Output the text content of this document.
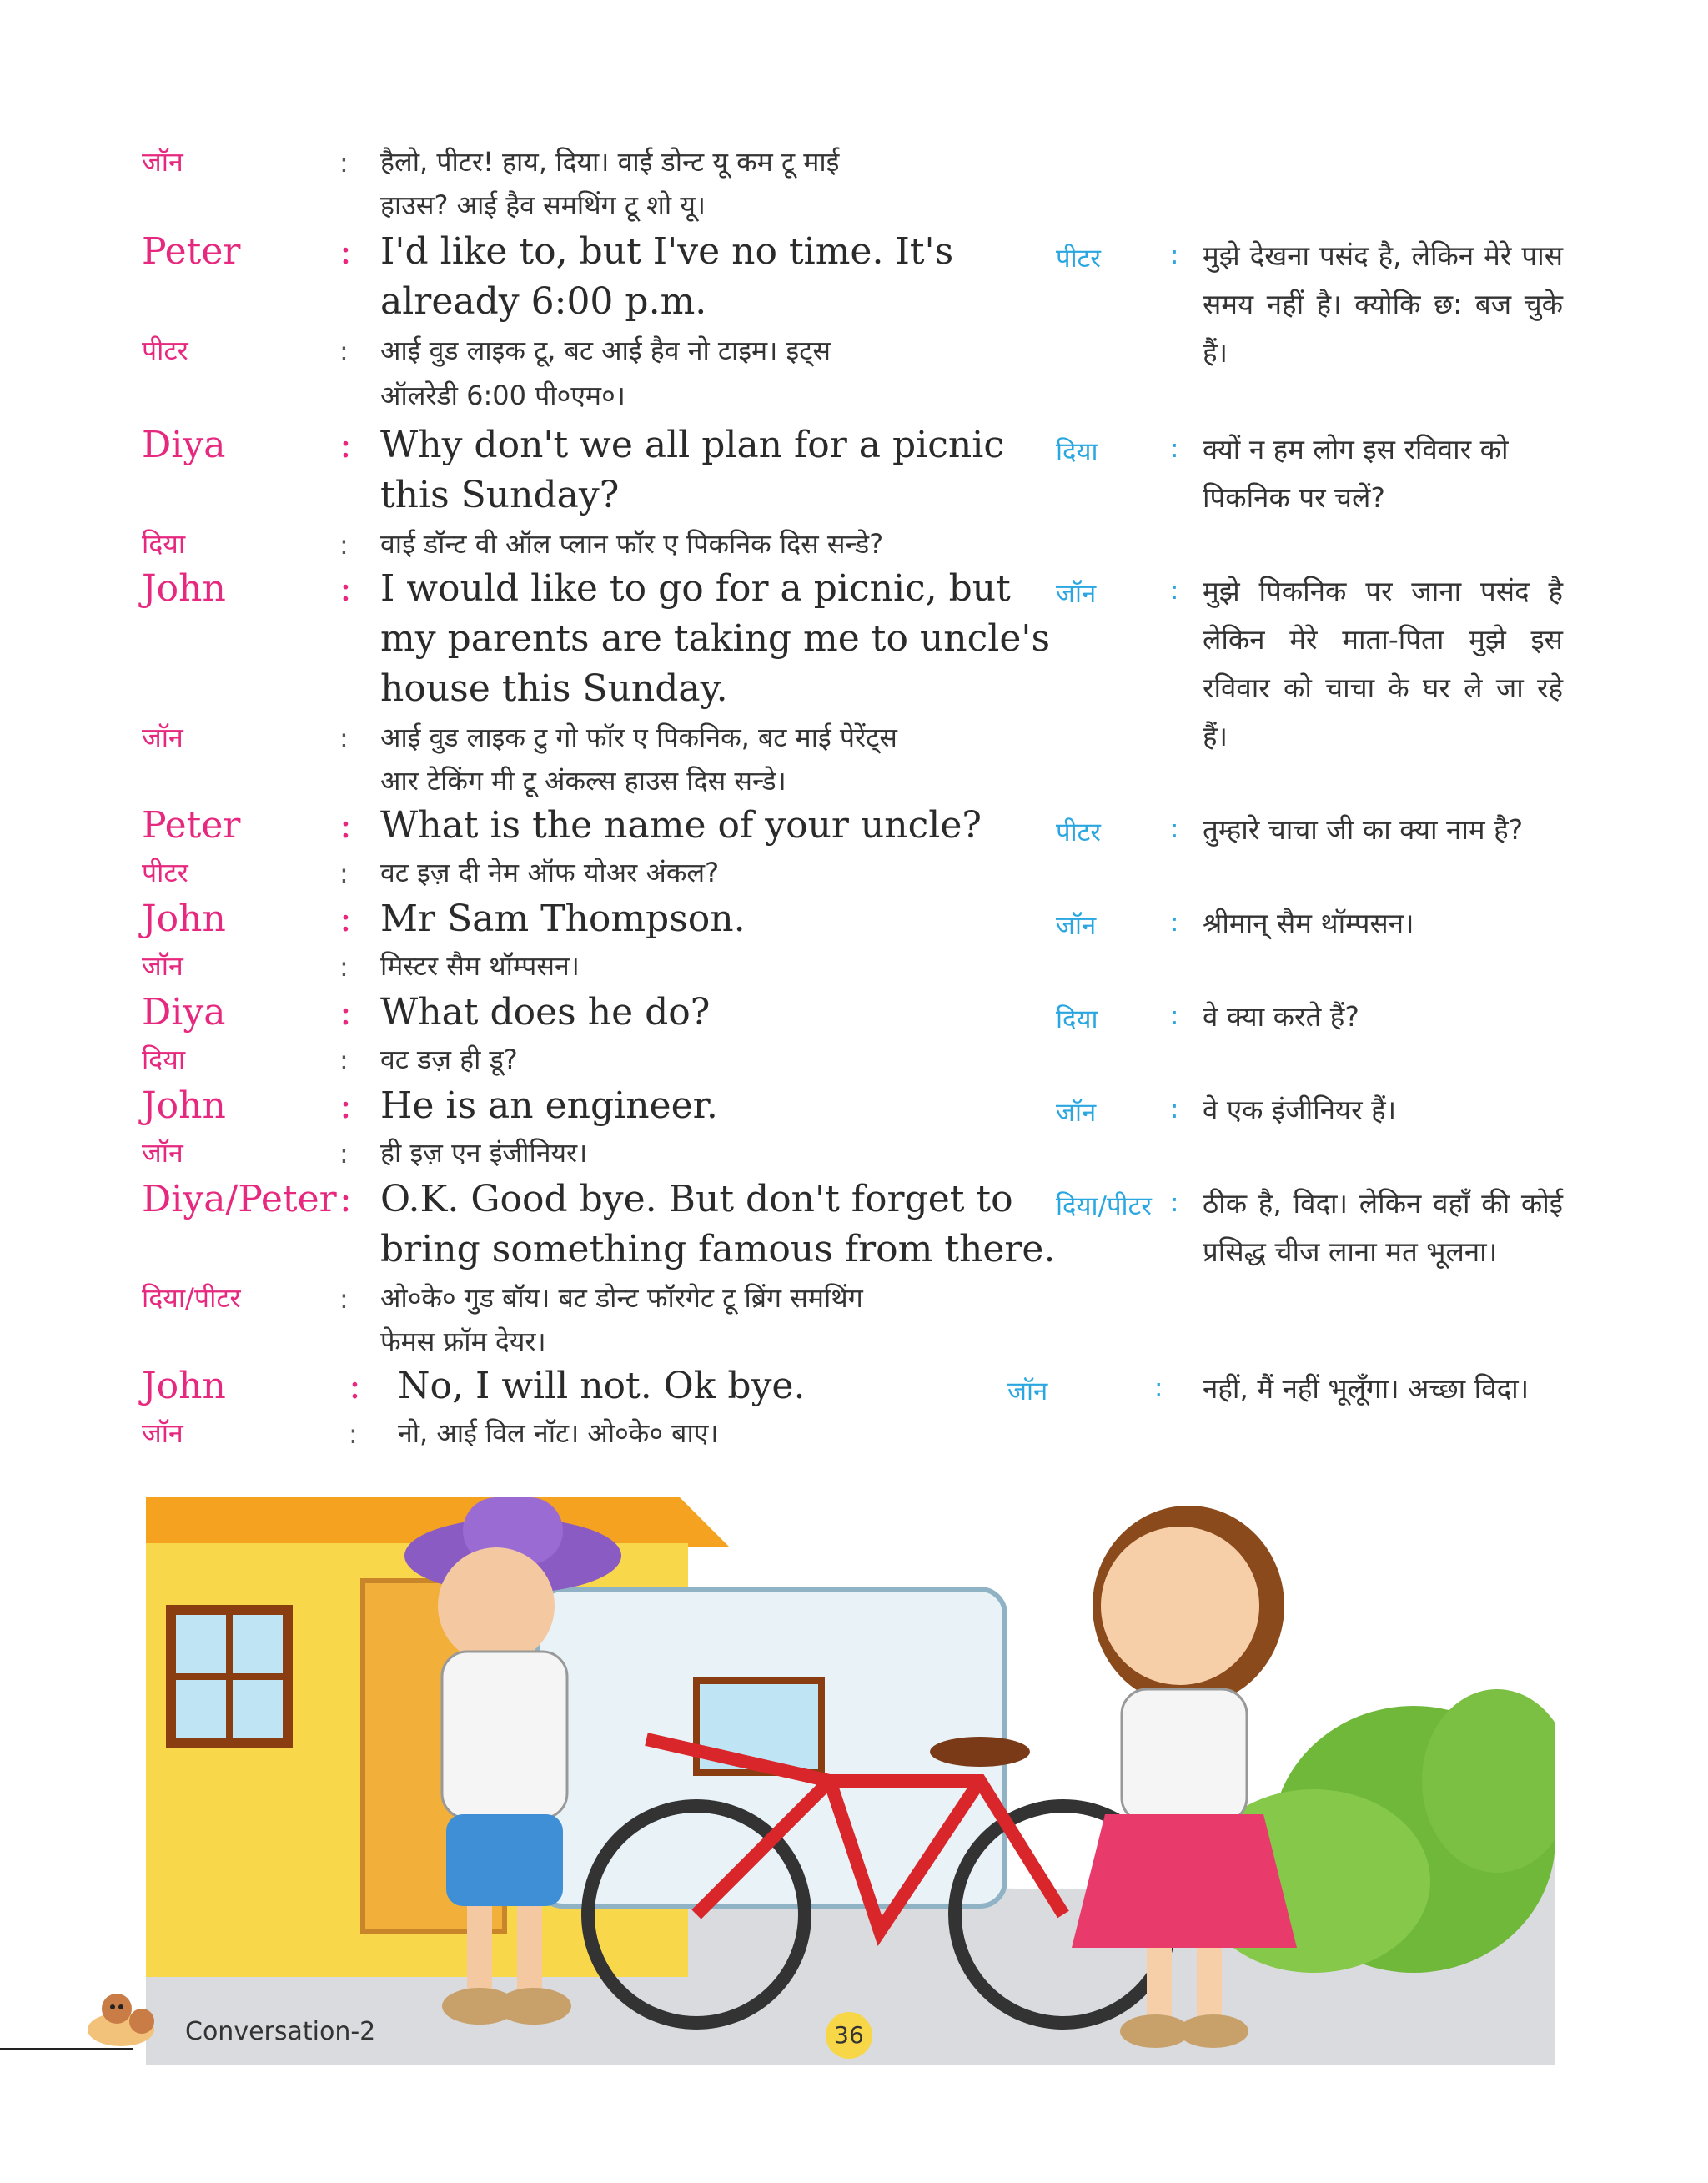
जॉन	: हैलो, पीटर! हाय, दिया। वाई डोन्ट यू कम टू माई
हाउस? आई हैव समथिंग टू शो यू।
Peter	: I'd like to, but I've no time. It's
already 6:00 p.m.
पीटर	: आई वुड लाइक टू, बट आई हैव नो टाइम। इट्स
ऑलरेडी 6:00 पी०एम०।
Diya	: Why don't we all plan for a picnic
this Sunday?
दिया	: वाई डॉन्ट वी ऑल प्लान फॉर ए पिकनिक दिस सन्डे?
John	: I would like to go for a picnic, but
my parents are taking me to uncle's
house this Sunday.
जॉन	: आई वुड लाइक टु गो फॉर ए पिकनिक, बट माई पेरेंट्स
आर टेकिंग मी टू अंकल्स हाउस दिस सन्डे।
Peter	: What is the name of your uncle?
पीटर	: वट इज़ दी नेम ऑफ योअर अंकल?
John	: Mr Sam Thompson.
जॉन	: मिस्टर सैम थॉम्पसन।
Diya	: What does he do?
दिया	: वट डज़ ही डू?
John	: He is an engineer.
जॉन	: ही इज़ एन इंजीनियर।
Diya/Peter : O.K. Good bye. But don't forget to
bring something famous from there.
दिया/पीटर	: ओ०के० गुड बॉय। बट डोन्ट फॉरगेट टू ब्रिंग समथिंग
फेमस फ्रॉम देयर।
John	: No, I will not. Ok bye.
जॉन	: नो, आई विल नॉट। ओ०के० बाए।
पीटर	: मुझे देखना पसंद है, लेकिन मेरे पास समय नहीं है। क्योकि छ: बज चुके हैं।
दिया	: क्यों न हम लोग इस रविवार को पिकनिक पर चलें?
जॉन	: मुझे पिकनिक पर जाना पसंद है लेकिन मेरे माता-पिता मुझे इस रविवार को चाचा के घर ले जा रहे हैं।
पीटर	: तुम्हारे चाचा जी का क्या नाम है?
जॉन	: श्रीमान् सैम थॉम्पसन।
दिया	: वे क्या करते हैं?
जॉन	: वे एक इंजीनियर हैं।
दिया/पीटर : ठीक है, विदा। लेकिन वहाँ की कोई प्रसिद्ध चीज लाना मत भूलना।
जॉन	: नहीं, मैं नहीं भूलूँगा। अच्छा विदा।
Conversation-2	36
